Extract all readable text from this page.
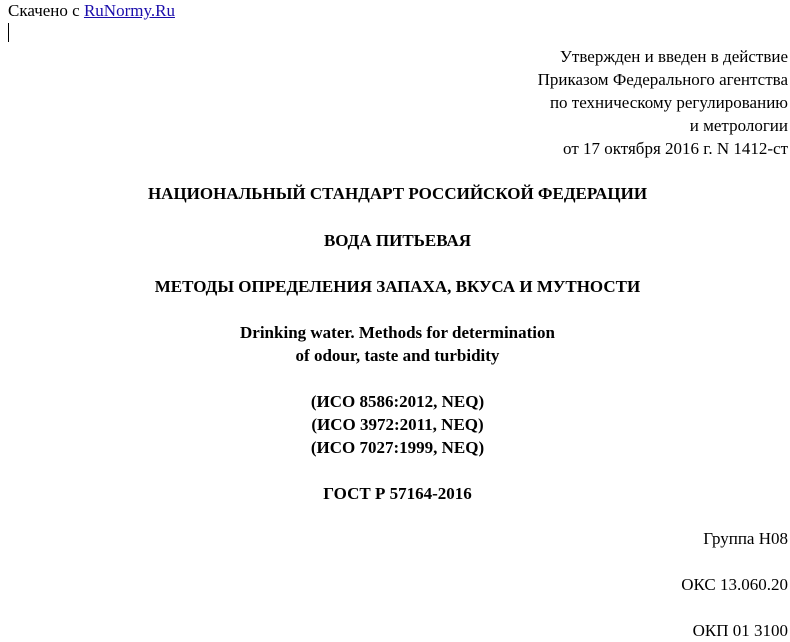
Скачено с RuNormy.Ru
Утвержден и введен в действие
Приказом Федерального агентства
по техническому регулированию
и метрологии
от 17 октября 2016 г. N 1412-ст
НАЦИОНАЛЬНЫЙ СТАНДАРТ РОССИЙСКОЙ ФЕДЕРАЦИИ
ВОДА ПИТЬЕВАЯ
МЕТОДЫ ОПРЕДЕЛЕНИЯ ЗАПАХА, ВКУСА И МУТНОСТИ
Drinking water. Methods for determination
of odour, taste and turbidity
(ИСО 8586:2012, NEQ)
(ИСО 3972:2011, NEQ)
(ИСО 7027:1999, NEQ)
ГОСТ Р 57164-2016
Группа H08
ОКС 13.060.20
ОКП 01 3100
